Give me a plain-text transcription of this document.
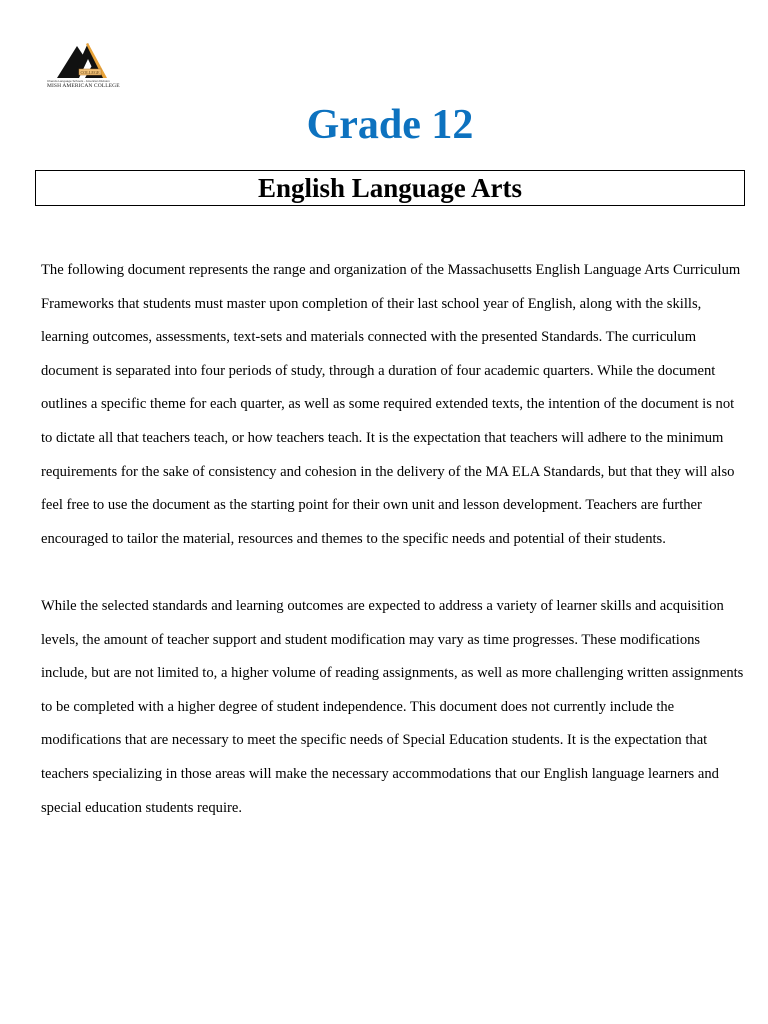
COLLEGE
Chendo Language Schools - American Division
MISH AMERICAN COLLEGE
Grade 12
English Language Arts

The following document represents the range and organization of the Massachusetts English Language Arts Curriculum Frameworks that students must master upon completion of their last school year of English, along with the skills, learning outcomes, assessments, text-sets and materials connected with the presented Standards. The curriculum document is separated into four periods of study, through a duration of four academic quarters. While the document outlines a specific theme for each quarter, as well as some required extended texts, the intention of the document is not to dictate all that teachers teach, or how teachers teach. It is the expectation that teachers will adhere to the minimum requirements for the sake of consistency and cohesion in the delivery of the MA ELA Standards, but that they will also feel free to use the document as the starting point for their own unit and lesson development. Teachers are further encouraged to tailor the material, resources and themes to the specific needs and potential of their students.

While the selected standards and learning outcomes are expected to address a variety of learner skills and acquisition levels, the amount of teacher support and student modification may vary as time progresses. These modifications include, but are not limited to, a higher volume of reading assignments, as well as more challenging written assignments to be completed with a higher degree of student independence. This document does not currently include the modifications that are necessary to meet the specific needs of Special Education students. It is the expectation that teachers specializing in those areas will make the necessary accommodations that our English language learners and special education students require.
